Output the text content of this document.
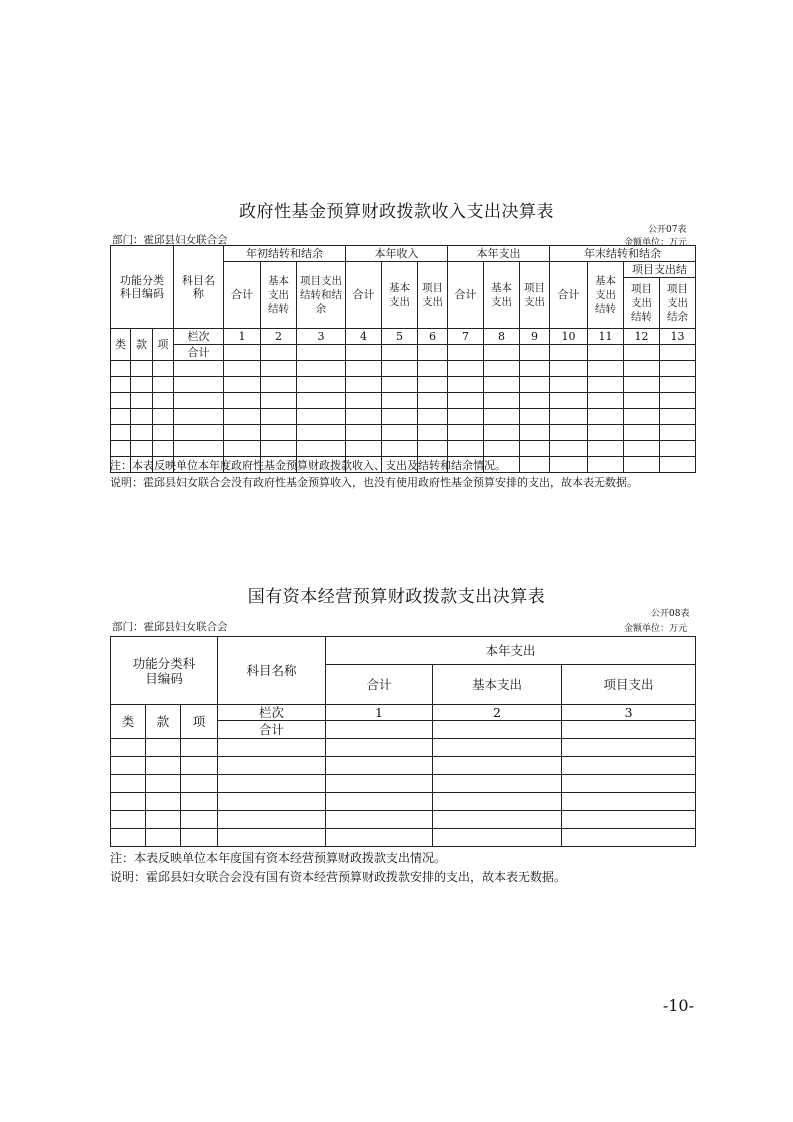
政府性基金预算财政拨款收入支出决算表
公开07表
部门：霍邱县妇女联合会	金额单位：万元
功能分类科目编码			科目名称	年初结转和结余			本年收入			本年支出			年末结转和结余			
				合计	基本支出结转	项目支出结转和结余	合计	基本支出	项目支出	合计	基本支出	项目支出	合计	基本支出结转	项目支出结	
															项目支出结转	项目支出结余
类	款	项	栏次	1	2	3	4	5	6	7	8	9	10	11	12	13
			合计													

注：本表反映单位本年度政府性基金预算财政拨款收入、支出及结转和结余情况。
说明：霍邱县妇女联合会没有政府性基金预算收入，也没有使用政府性基金预算安排的支出，故本表无数据。
国有资本经营预算财政拨款支出决算表
公开08表
部门：霍邱县妇女联合会	金额单位：万元
功能分类科目编码			科目名称	本年支出		
				合计	基本支出	项目支出
类	款	项	栏次	1	2	3
			合计			

注：本表反映单位本年度国有资本经营预算财政拨款支出情况。
说明：霍邱县妇女联合会没有国有资本经营预算财政拨款安排的支出，故本表无数据。
-10-
